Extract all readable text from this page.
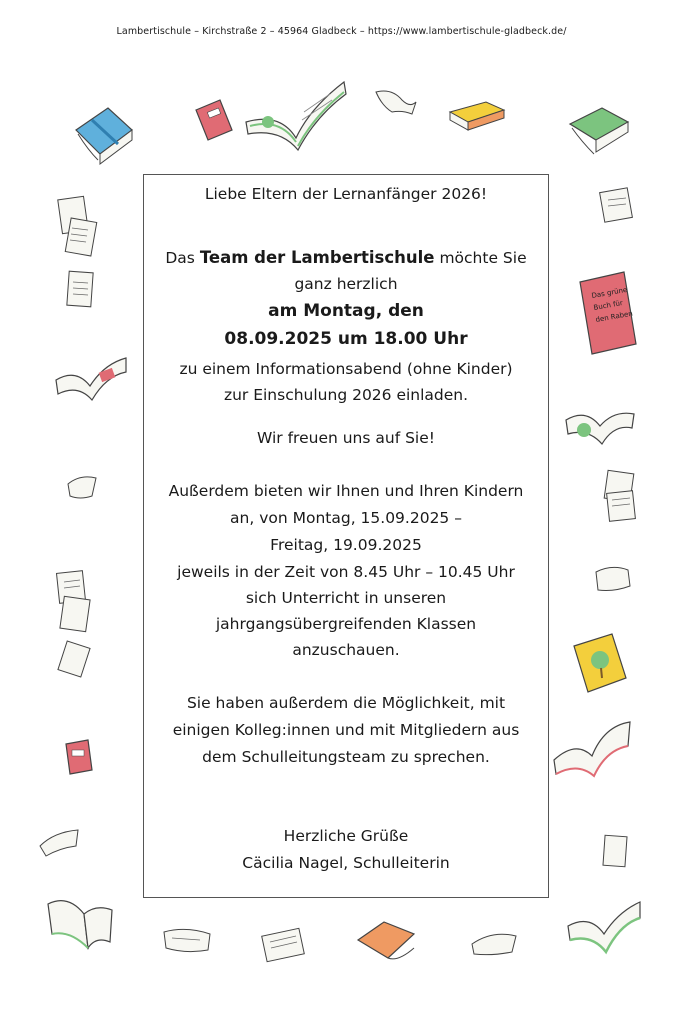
Lambertischule – Kirchstraße 2 – 45964 Gladbeck – https://www.lambertischule-gladbeck.de/
Liebe Eltern der Lernanfänger 2026!
Das Team der Lambertischule möchte Sie
ganz herzlich
am Montag, den
08.09.2025 um 18.00 Uhr
zu einem Informationsabend (ohne Kinder)
zur Einschulung 2026 einladen.
Wir freuen uns auf Sie!
Außerdem bieten wir Ihnen und Ihren Kindern
an, von Montag, 15.09.2025 –
Freitag, 19.09.2025
jeweils in der Zeit von 8.45 Uhr – 10.45 Uhr
sich Unterricht in unseren
jahrgangsübergreifenden Klassen
anzuschauen.
Sie haben außerdem die Möglichkeit, mit
einigen Kolleg:innen und mit Mitgliedern aus
dem Schulleitungsteam zu sprechen.
Herzliche Grüße
Cäcilia Nagel, Schulleiterin
Das grüne
Buch für
den Raben
